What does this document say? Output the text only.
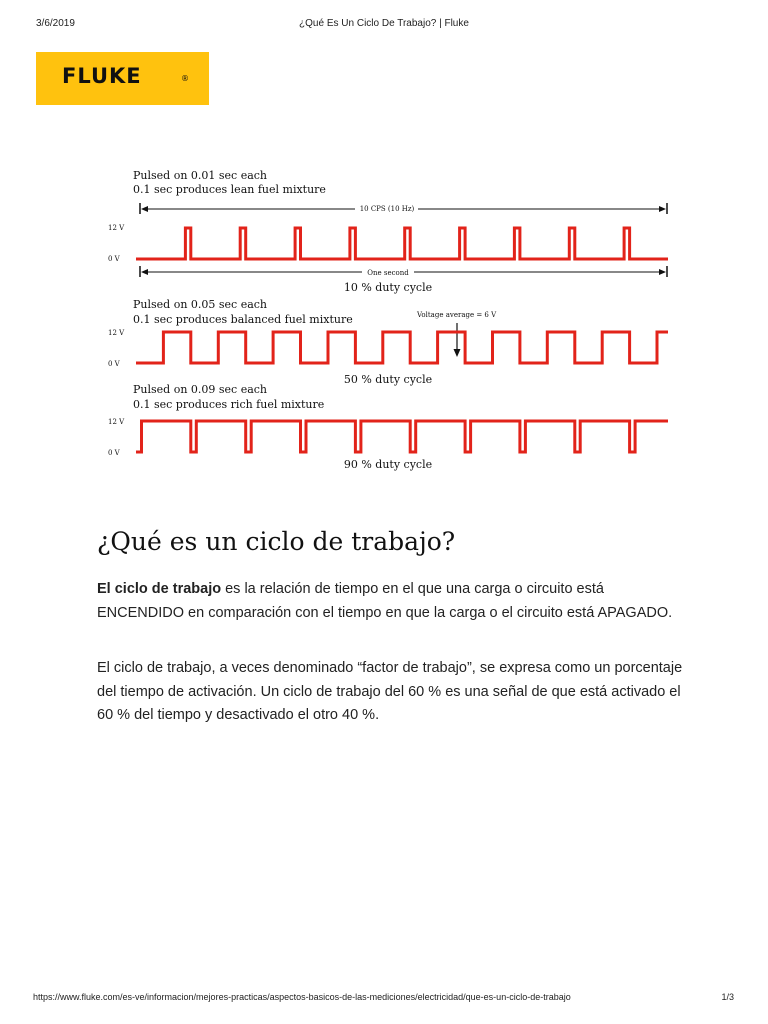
3/6/2019	¿Qué Es Un Ciclo De Trabajo? | Fluke
FLUKE	®
Pulsed on 0.01 sec each
0.1 sec produces lean fuel mixture
10 CPS (10 Hz)
12 V
0 V
One second
10 % duty cycle
Pulsed on 0.05 sec each
0.1 sec produces balanced fuel mixture	Voltage average = 6 V
12 V
0 V
50 % duty cycle
Pulsed on 0.09 sec each
0.1 sec produces rich fuel mixture
12 V
0 V
90 % duty cycle
¿Qué es un ciclo de trabajo?

El ciclo de trabajo es la relación de tiempo en el que una carga o circuito está ENCENDIDO en comparación con el tiempo en que la carga o el circuito está APAGADO.

El ciclo de trabajo, a veces denominado “factor de trabajo”, se expresa como un porcentaje del tiempo de activación. Un ciclo de trabajo del 60 % es una señal de que está activado el 60 % del tiempo y desactivado el otro 40 %.

https://www.fluke.com/es-ve/informacion/mejores-practicas/aspectos-basicos-de-las-mediciones/electricidad/que-es-un-ciclo-de-trabajo	1/3
